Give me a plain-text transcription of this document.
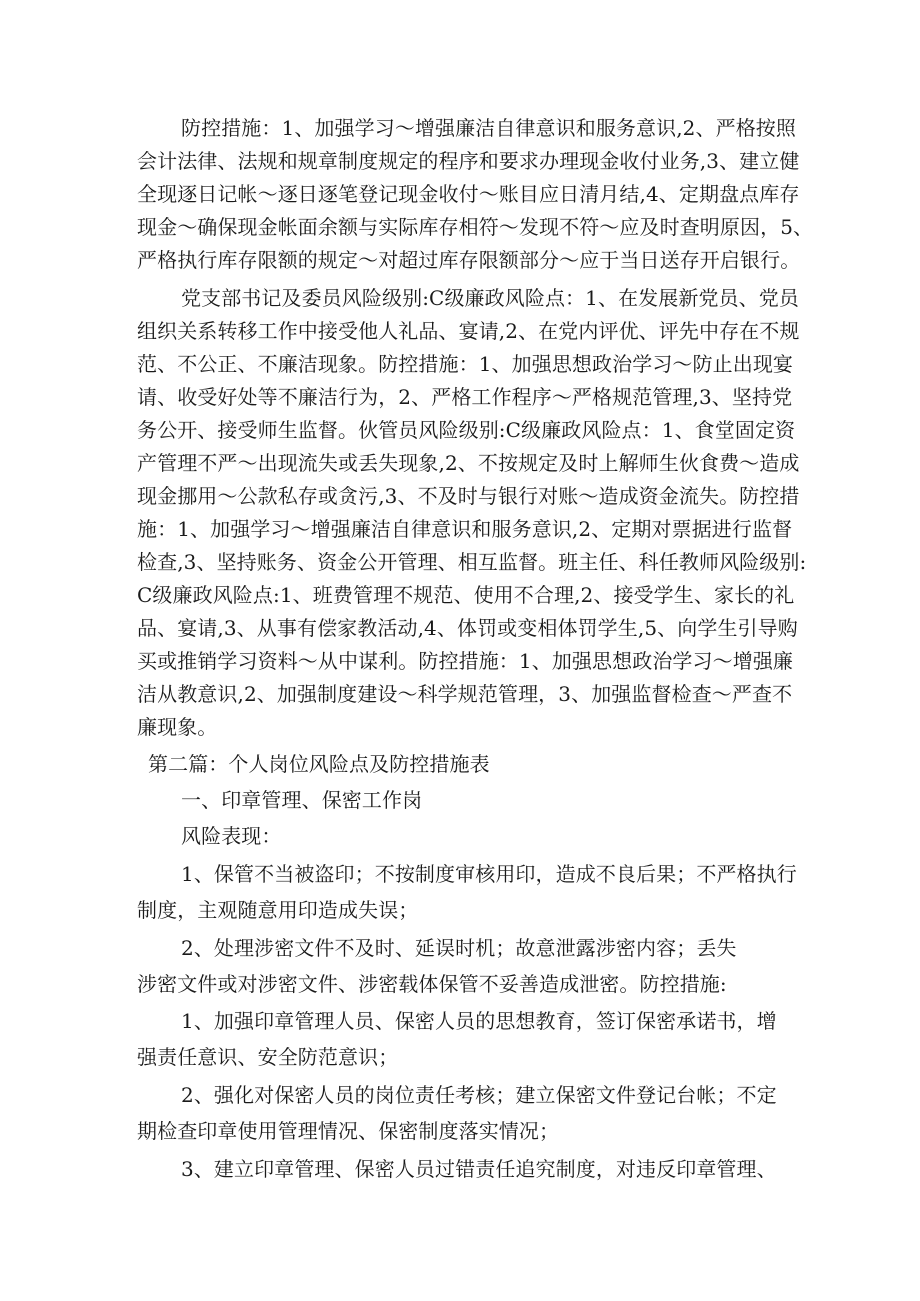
防控措施：1、加强学习～增强廉洁自律意识和服务意识,2、严格按照
会计法律、法规和规章制度规定的程序和要求办理现金收付业务,3、建立健
全现逐日记帐～逐日逐笔登记现金收付～账目应日清月结,4、定期盘点库存
现金～确保现金帐面余额与实际库存相符～发现不符～应及时查明原因，5、
严格执行库存限额的规定～对超过库存限额部分～应于当日送存开启银行。
党支部书记及委员风险级别:C级廉政风险点：1、在发展新党员、党员
组织关系转移工作中接受他人礼品、宴请,2、在党内评优、评先中存在不规
范、不公正、不廉洁现象。防控措施：1、加强思想政治学习～防止出现宴
请、收受好处等不廉洁行为，2、严格工作程序～严格规范管理,3、坚持党
务公开、接受师生监督。伙管员风险级别:C级廉政风险点：1、食堂固定资
产管理不严～出现流失或丢失现象,2、不按规定及时上解师生伙食费～造成
现金挪用～公款私存或贪污,3、不及时与银行对账～造成资金流失。防控措
施：1、加强学习～增强廉洁自律意识和服务意识,2、定期对票据进行监督
检查,3、坚持账务、资金公开管理、相互监督。班主任、科任教师风险级别:
C级廉政风险点:1、班费管理不规范、使用不合理,2、接受学生、家长的礼
品、宴请,3、从事有偿家教活动,4、体罚或变相体罚学生,5、向学生引导购
买或推销学习资料～从中谋利。防控措施：1、加强思想政治学习～增强廉
洁从教意识,2、加强制度建设～科学规范管理，3、加强监督检查～严查不
廉现象。
第二篇：个人岗位风险点及防控措施表
一、印章管理、保密工作岗
风险表现：
1、保管不当被盗印；不按制度审核用印，造成不良后果；不严格执行
制度，主观随意用印造成失误；
2、处理涉密文件不及时、延误时机；故意泄露涉密内容；丢失
涉密文件或对涉密文件、涉密载体保管不妥善造成泄密。防控措施:
1、加强印章管理人员、保密人员的思想教育，签订保密承诺书，增
强责任意识、安全防范意识；
2、强化对保密人员的岗位责任考核；建立保密文件登记台帐；不定
期检查印章使用管理情况、保密制度落实情况；
3、建立印章管理、保密人员过错责任追究制度，对违反印章管理、
